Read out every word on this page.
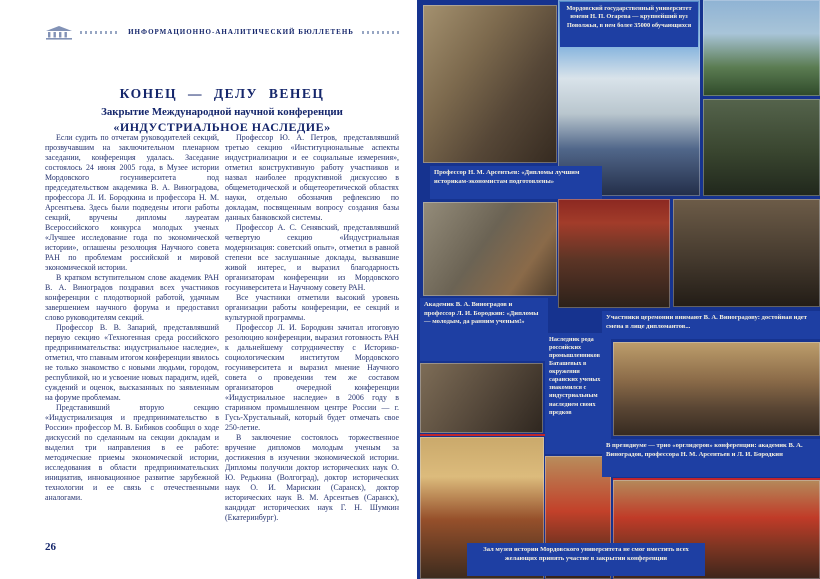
ИНФОРМАЦИОННО-АНАЛИТИЧЕСКИЙ БЮЛЛЕТЕНЬ
КОНЕЦ — ДЕЛУ ВЕНЕЦ
Закрытие Международной научной конференции
«ИНДУСТРИАЛЬНОЕ НАСЛЕДИЕ»

Если судить по отчетам руководителей секций, прозвучавшим на заключительном пленарном заседании, конференция удалась. Заседание состоялось 24 июня 2005 года, в Музее истории Мордовского госуниверситета под председательством академика В. А. Виноградова, профессора Л. И. Бородкина и профессора Н. М. Арсентьева. Здесь были подведены итоги работы секций, вручены дипломы лауреатам Всероссийского конкурса молодых ученых «Лучшее исследование года по экономической истории», оглашены резолюция Научного совета РАН по проблемам российской и мировой экономической истории.

В кратком вступительном слове академик РАН В. А. Виноградов поздравил всех участников конференции с плодотворной работой, удачным завершением научного форума и предоставил слово руководителям секций.

Профессор В. В. Запарий, представлявший первую секцию «Техногенная среда российского предпринимательства: индустриальное наследие», отметил, что главным итогом конференции явилось не только знакомство с новыми людьми, городом, республикой, но и усвоение новых парадигм, идей, суждений и оценок, высказанных по заявленным на форуме проблемам.

Представивший вторую секцию «Индустриализация и предпринимательство в России» профессор М. В. Бибиков сообщил о ходе дискуссий по сделанным на секции докладам и выделил три направления в ее работе: методические приемы экономической истории, исследования в области предпринимательских инициатив, инновационное развитие зарубежной технологии и ее связь с отечественными аналогами.

Профессор Ю. А. Петров, представлявший третью секцию «Институциональные аспекты индустриализации и ее социальные измерения», отметил конструктивную работу участников и назвал наиболее продуктивной дискуссию в общеметодической и общетеоретической областях науки, отдельно обозначив рефлексию по докладам, посвященным вопросу создания базы данных банковской системы.

Профессор А. С. Сенявский, представлявший четвертую секцию «Индустриальная модернизация: советский опыт», отметил в равной степени все заслушанные доклады, вызвавшие живой интерес, и выразил благодарность организаторам конференции из Мордовского госуниверситета и Научному совету РАН.

Все участники отметили высокий уровень организации работы конференции, ее секций и культурной программы.

Профессор Л. И. Бородкин зачитал итоговую резолюцию конференции, выразил готовность РАН к дальнейшему сотрудничеству с Историко-социологическим институтом Мордовского госуниверситета и выразил мнение Научного совета о проведении тем же составом организаторов очередной конференции «Индустриальное наследие» в 2006 году в старинном промышленном центре России — г. Гусь-Хрустальный, который будет отмечать свое 250-летие.

В заключение состоялось торжественное вручение дипломов молодым ученым за достижения в изучении экономической истории. Дипломы получили доктор исторических наук О. Ю. Редькина (Волгоград), доктор исторических наук О. И. Марискин (Саранск), доктор исторических наук В. М. Арсентьев (Саранск), кандидат исторических наук Г. Н. Шумкин (Екатеринбург).

26
Мордовский государственный университет имени Н. П. Огарева — крупнейший вуз Поволжья, в нем более 35000 обучающихся
Профессор Н. М. Арсентьев: «Дипломы лучшим историкам-экономистам подготовлены»
Академик В. А. Виноградов и профессор Л. И. Бородкин: «Дипломы — молодым, да ранним ученым!»
Участники церемонии внимают В. А. Виноградову: достойная идет смена в лице дипломантов...
Наследник рода российских промышленников Баташевых в окружении саранских ученых знакомился с индустриальным наследием своих предков
В президиуме — трио «орглидеров» конференции: академик В. А. Виноградов, профессора Н. М. Арсентьев и Л. И. Бородкин
Зал музея истории Мордовского университета не смог вместить всех желающих принять участие в закрытии конференции
